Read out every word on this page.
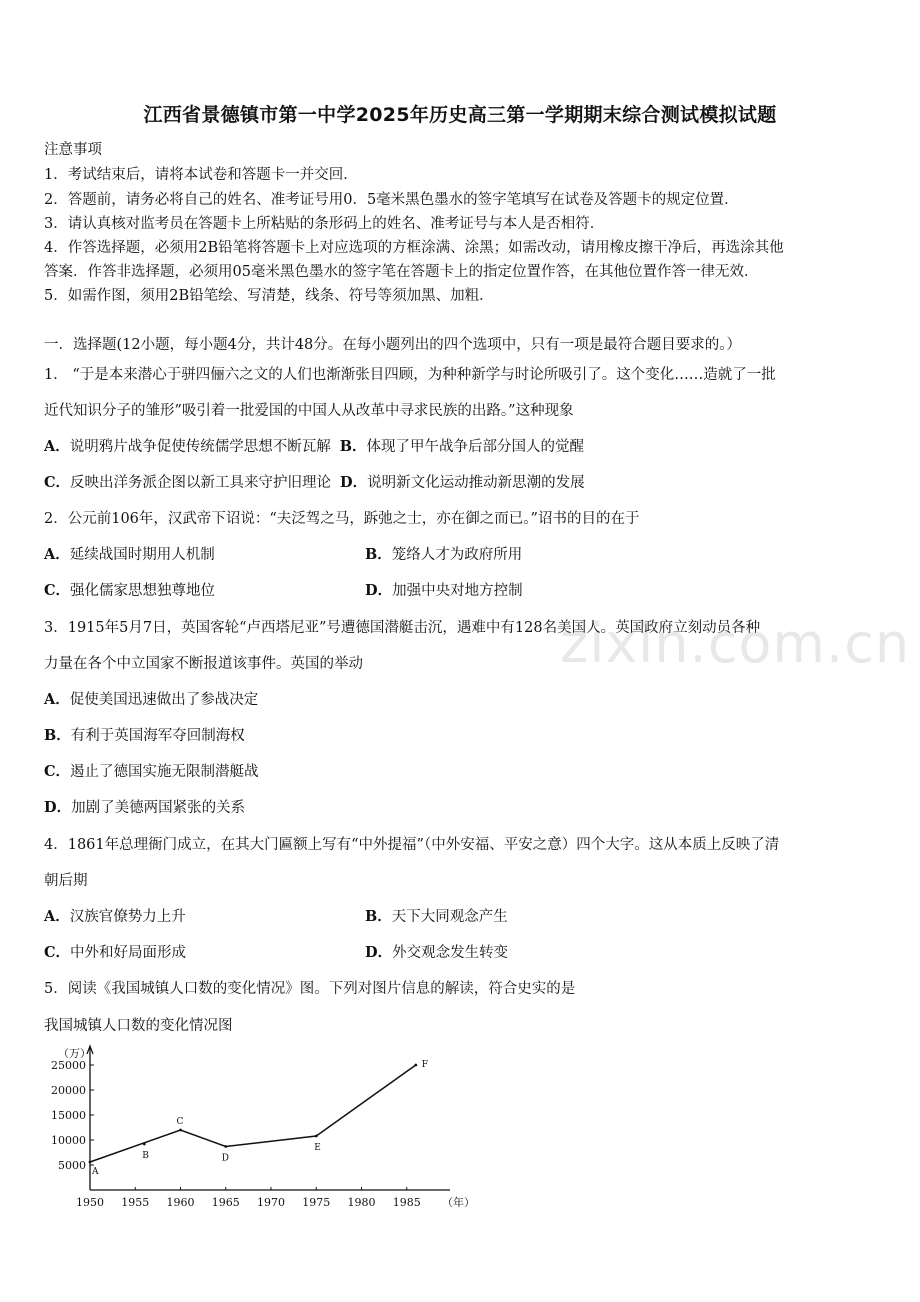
江西省景德镇市第一中学2025年历史高三第一学期期末综合测试模拟试题
注意事项
1．考试结束后，请将本试卷和答题卡一并交回．
2．答题前，请务必将自己的姓名、准考证号用0．5毫米黑色墨水的签字笔填写在试卷及答题卡的规定位置．
3．请认真核对监考员在答题卡上所粘贴的条形码上的姓名、准考证号与本人是否相符．
4．作答选择题，必须用2B铅笔将答题卡上对应选项的方框涂满、涂黑；如需改动，请用橡皮擦干净后，再选涂其他
答案．作答非选择题，必须用05毫米黑色墨水的签字笔在答题卡上的指定位置作答，在其他位置作答一律无效．
5．如需作图，须用2B铅笔绘、写清楚，线条、符号等须加黑、加粗．
一．选择题(12小题，每小题4分，共计48分。在每小题列出的四个选项中，只有一项是最符合题目要求的。）
1． “于是本来潜心于骈四俪六之文的人们也渐渐张目四顾，为种种新学与时论所吸引了。这个变化……造就了一批
近代知识分子的雏形”吸引着一批爱国的中国人从改革中寻求民族的出路。”这种现象
A．说明鸦片战争促使传统儒学思想不断瓦解 B．体现了甲午战争后部分国人的觉醒
C．反映出洋务派企图以新工具来守护旧理论 D．说明新文化运动推动新思潮的发展
2．公元前106年，汉武帝下诏说：“夫泛驾之马，跅弛之士，亦在御之而已。”诏书的目的在于
A．延续战国时期用人机制	B．笼络人才为政府所用
C．强化儒家思想独尊地位	D．加强中央对地方控制
3．1915年5月7日，英国客轮“卢西塔尼亚”号遭德国潜艇击沉，遇难中有128名美国人。英国政府立刻动员各种
力量在各个中立国家不断报道该事件。英国的举动
A．促使美国迅速做出了参战决定
B．有利于英国海军夺回制海权
C．遏止了德国实施无限制潜艇战
D．加剧了美德两国紧张的关系
4．1861年总理衙门成立，在其大门匾额上写有“中外提福”（中外安福、平安之意）四个大字。这从本质上反映了清
朝后期
A．汉族官僚势力上升	B．天下大同观念产生
C．中外和好局面形成	D．外交观念发生转变
5．阅读《我国城镇人口数的变化情况》图。下列对图片信息的解读，符合史实的是
我国城镇人口数的变化情况图
zixin.com.cn
5000
10000
15000
20000
25000
1950 1955 1960 1965 1970 1975 1980 1985
（万）
（年）
A
C
D
E
F
B
